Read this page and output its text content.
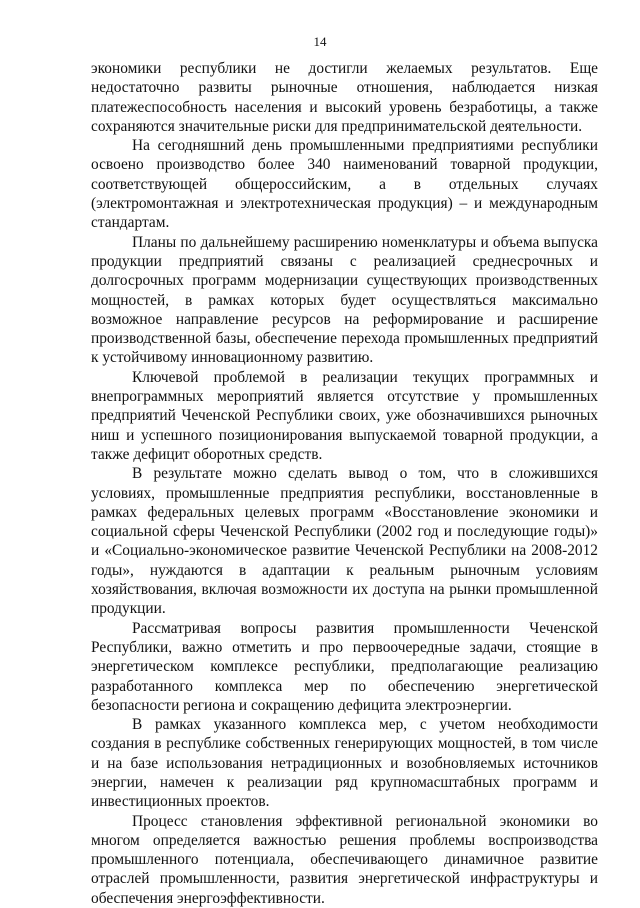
14

экономики республики не достигли желаемых результатов. Еще недостаточно развиты рыночные отношения, наблюдается низкая платежеспособность населения и высокий уровень безработицы, а также сохраняются значительные риски для предпринимательской деятельности.

На сегодняшний день промышленными предприятиями республики освоено производство более 340 наименований товарной продукции, соответствующей общероссийским, а в отдельных случаях (электромонтажная и электротехническая продукция) – и международным стандартам.

Планы по дальнейшему расширению номенклатуры и объема выпуска продукции предприятий связаны с реализацией среднесрочных и долгосрочных программ модернизации существующих производственных мощностей, в рамках которых будет осуществляться максимально возможное направление ресурсов на реформирование и расширение производственной базы, обеспечение перехода промышленных предприятий к устойчивому инновационному развитию.

Ключевой проблемой в реализации текущих программных и внепрограммных мероприятий является отсутствие у промышленных предприятий Чеченской Республики своих, уже обозначившихся рыночных ниш и успешного позиционирования выпускаемой товарной продукции, а также дефицит оборотных средств.

В результате можно сделать вывод о том, что в сложившихся условиях, промышленные предприятия республики, восстановленные в рамках федеральных целевых программ «Восстановление экономики и социальной сферы Чеченской Республики (2002 год и последующие годы)» и «Социально-экономическое развитие Чеченской Республики на 2008-2012 годы», нуждаются в адаптации к реальным рыночным условиям хозяйствования, включая возможности их доступа на рынки промышленной продукции.

Рассматривая вопросы развития промышленности Чеченской Республики, важно отметить и про первоочередные задачи, стоящие в энергетическом комплексе республики, предполагающие реализацию разработанного комплекса мер по обеспечению энергетической безопасности региона и сокращению дефицита электроэнергии.

В рамках указанного комплекса мер, с учетом необходимости создания в республике собственных генерирующих мощностей, в том числе и на базе использования нетрадиционных и возобновляемых источников энергии, намечен к реализации ряд крупномасштабных программ и инвестиционных проектов.

Процесс становления эффективной региональной экономики во многом определяется важностью решения проблемы воспроизводства промышленного потенциала, обеспечивающего динамичное развитие отраслей промышленности, развития энергетической инфраструктуры и обеспечения энергоэффективности.
